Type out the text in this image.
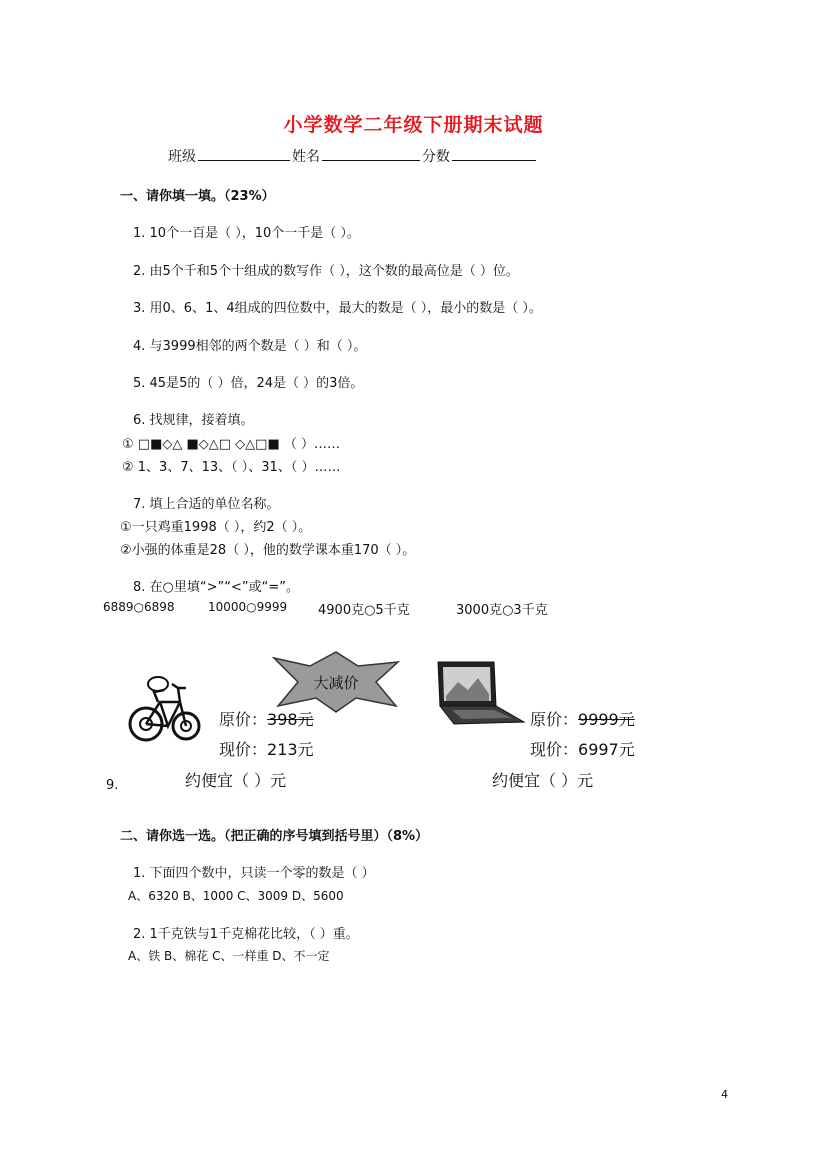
小学数学二年级下册期末试题
班级	姓名	分数
一、请你填一填。（23%）
1. 10个一百是（ ），10个一千是（ ）。
2. 由5个千和5个十组成的数写作（ ），这个数的最高位是（ ）位。
3. 用0、6、1、4组成的四位数中，最大的数是（ ），最小的数是（ ）。
4. 与3999相邻的两个数是（ ）和（ ）。
5. 45是5的（ ）倍，24是（ ）的3倍。
6. 找规律，接着填。
① □■◇△ ■◇△□ ◇△□■ （ ）……
② 1、3、7、13、（ ）、31、（ ）……
7. 填上合适的单位名称。
①一只鸡重1998（ ），约2（ ）。
②小强的体重是28（ ），他的数学课本重170（ ）。
8. 在○里填“>”“<”或“=”。
6889○6898	10000○9999 4900克○5千克	3000克○3千克
大减价
原价：398元
现价：213元
约便宜（ ）元
原价：9999元
现价：6997元
约便宜（ ）元
9.
二、请你选一选。（把正确的序号填到括号里）（8%）
1. 下面四个数中，只读一个零的数是（ ）
A、6320 B、1000 C、3009 D、5600
2. 1千克铁与1千克棉花比较，（ ）重。
A、铁 B、棉花 C、一样重 D、不一定
4
